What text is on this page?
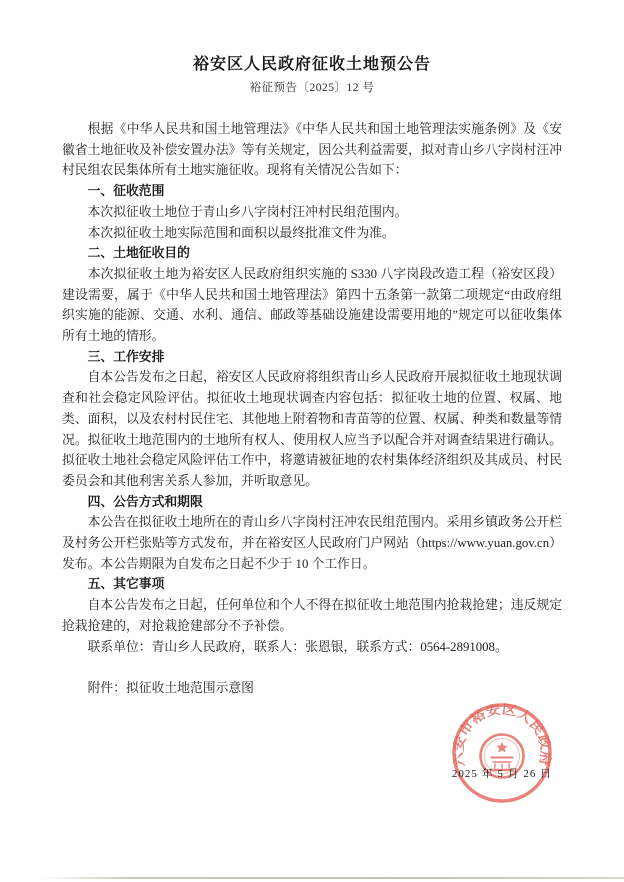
裕安区人民政府征收土地预公告
裕征预告〔2025〕12 号

根据《中华人民共和国土地管理法》《中华人民共和国土地管理法实施条例》及《安徽省土地征收及补偿安置办法》等有关规定，因公共利益需要，拟对青山乡八字岗村汪冲村民组农民集体所有土地实施征收。现将有关情况公告如下：

一、征收范围

本次拟征收土地位于青山乡八字岗村汪冲村民组范围内。

本次拟征收土地实际范围和面积以最终批准文件为准。

二、土地征收目的

本次拟征收土地为裕安区人民政府组织实施的 S330 八字岗段改造工程（裕安区段）建设需要，属于《中华人民共和国土地管理法》第四十五条第一款第二项规定“由政府组织实施的能源、交通、水利、通信、邮政等基础设施建设需要用地的”规定可以征收集体所有土地的情形。

三、工作安排

自本公告发布之日起，裕安区人民政府将组织青山乡人民政府开展拟征收土地现状调查和社会稳定风险评估。拟征收土地现状调查内容包括：拟征收土地的位置、权属、地类、面积，以及农村村民住宅、其他地上附着物和青苗等的位置、权属、种类和数量等情况。拟征收土地范围内的土地所有权人、使用权人应当予以配合并对调查结果进行确认。拟征收土地社会稳定风险评估工作中，将邀请被征地的农村集体经济组织及其成员、村民委员会和其他利害关系人参加，并听取意见。

四、公告方式和期限

本公告在拟征收土地所在的青山乡八字岗村汪冲农民组范围内。采用乡镇政务公开栏及村务公开栏张贴等方式发布，并在裕安区人民政府门户网站（https://www.yuan.gov.cn）发布。本公告期限为自发布之日起不少于 10 个工作日。

五、其它事项

自本公告发布之日起，任何单位和个人不得在拟征收土地范围内抢栽抢建；违反规定抢栽抢建的，对抢栽抢建部分不予补偿。

联系单位：青山乡人民政府，联系人：张恩银，联系方式：0564-2891008。

附件：拟征收土地范围示意图

六安市裕安区人民政府
2025 年 5 月 26 日
